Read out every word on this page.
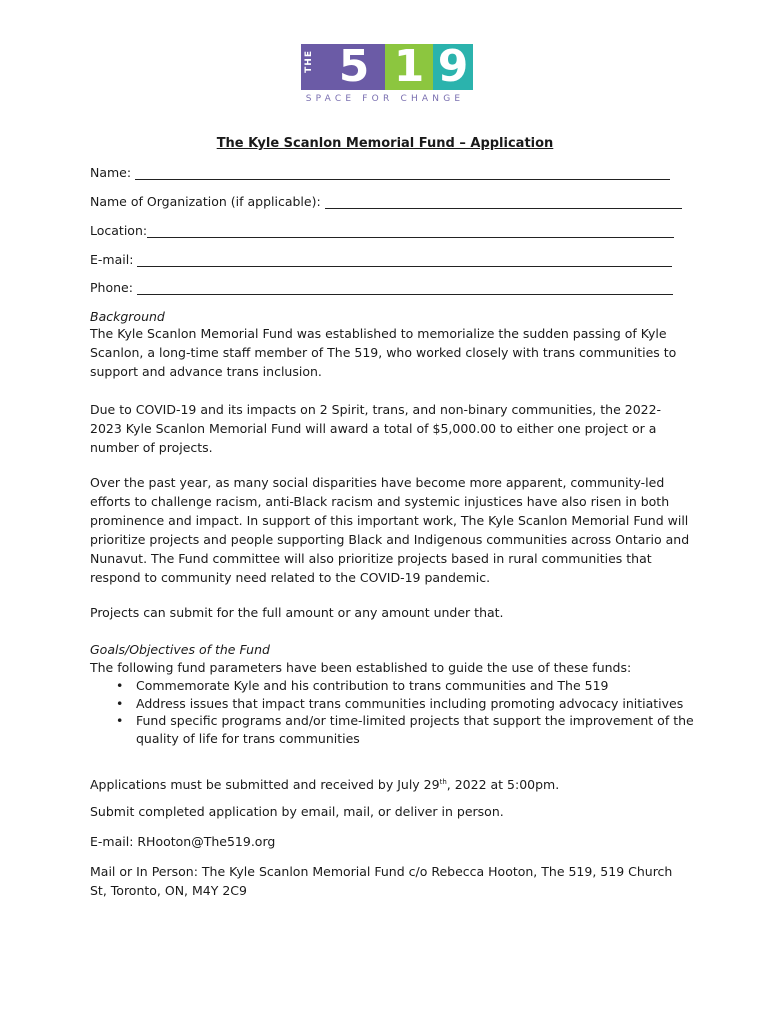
THE 5 1 9
SPACE FOR CHANGE
The Kyle Scanlon Memorial Fund – Application
Name:
Name of Organization (if applicable):
Location:
E-mail:
Phone:
Background
The Kyle Scanlon Memorial Fund was established to memorialize the sudden passing of Kyle Scanlon, a long-time staff member of The 519, who worked closely with trans communities to support and advance trans inclusion.
Due to COVID-19 and its impacts on 2 Spirit, trans, and non-binary communities, the 2022-2023 Kyle Scanlon Memorial Fund will award a total of $5,000.00 to either one project or a number of projects.
Over the past year, as many social disparities have become more apparent, community-led efforts to challenge racism, anti-Black racism and systemic injustices have also risen in both prominence and impact. In support of this important work, The Kyle Scanlon Memorial Fund will prioritize projects and people supporting Black and Indigenous communities across Ontario and Nunavut. The Fund committee will also prioritize projects based in rural communities that respond to community need related to the COVID-19 pandemic.
Projects can submit for the full amount or any amount under that.
Goals/Objectives of the Fund
The following fund parameters have been established to guide the use of these funds:
• Commemorate Kyle and his contribution to trans communities and The 519
• Address issues that impact trans communities including promoting advocacy initiatives
• Fund specific programs and/or time-limited projects that support the improvement of the quality of life for trans communities
Applications must be submitted and received by July 29th, 2022 at 5:00pm.
Submit completed application by email, mail, or deliver in person.
E-mail: RHooton@The519.org
Mail or In Person: The Kyle Scanlon Memorial Fund c/o Rebecca Hooton, The 519, 519 Church St, Toronto, ON, M4Y 2C9
